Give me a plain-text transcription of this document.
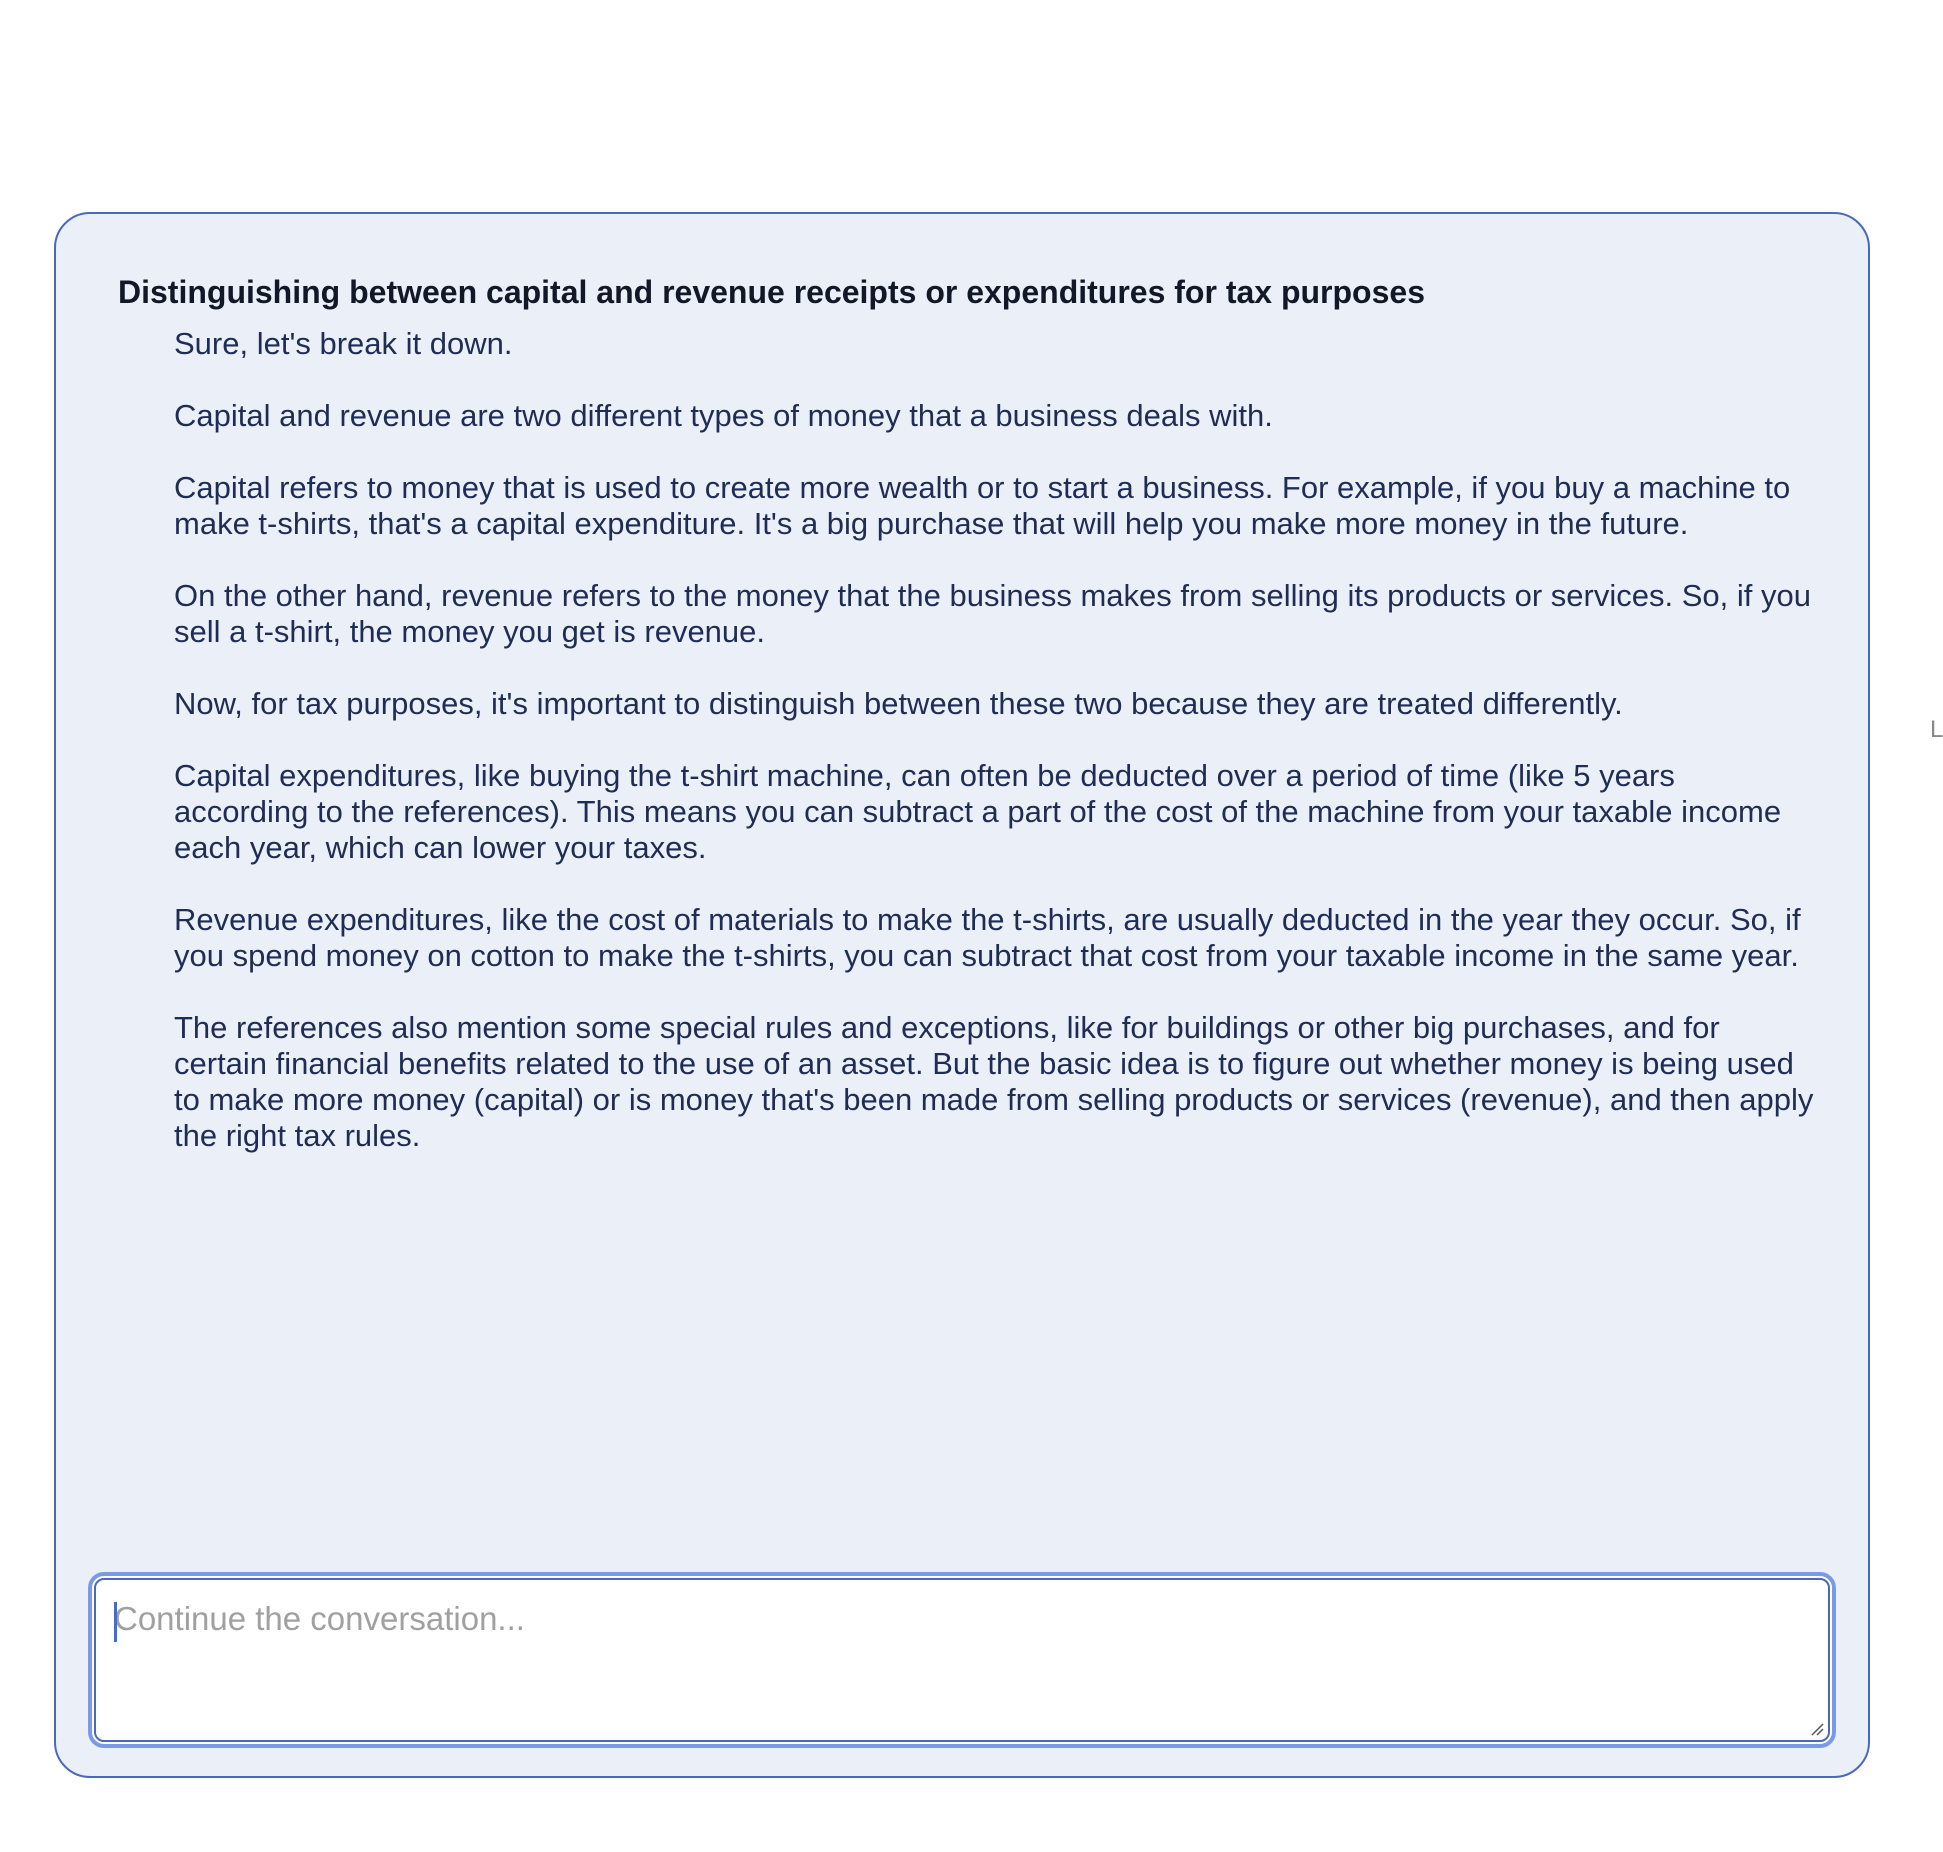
Distinguishing between capital and revenue receipts or expenditures for tax purposes

Sure, let's break it down.

Capital and revenue are two different types of money that a business deals with.

Capital refers to money that is used to create more wealth or to start a business. For example, if you buy a machine to make t-shirts, that's a capital expenditure. It's a big purchase that will help you make more money in the future.

On the other hand, revenue refers to the money that the business makes from selling its products or services. So, if you sell a t-shirt, the money you get is revenue.

Now, for tax purposes, it's important to distinguish between these two because they are treated differently.

Capital expenditures, like buying the t-shirt machine, can often be deducted over a period of time (like 5 years according to the references). This means you can subtract a part of the cost of the machine from your taxable income each year, which can lower your taxes.

Revenue expenditures, like the cost of materials to make the t-shirts, are usually deducted in the year they occur. So, if you spend money on cotton to make the t-shirts, you can subtract that cost from your taxable income in the same year.

The references also mention some special rules and exceptions, like for buildings or other big purchases, and for certain financial benefits related to the use of an asset. But the basic idea is to figure out whether money is being used to make more money (capital) or is money that's been made from selling products or services (revenue), and then apply the right tax rules.

Continue the conversation...
L
